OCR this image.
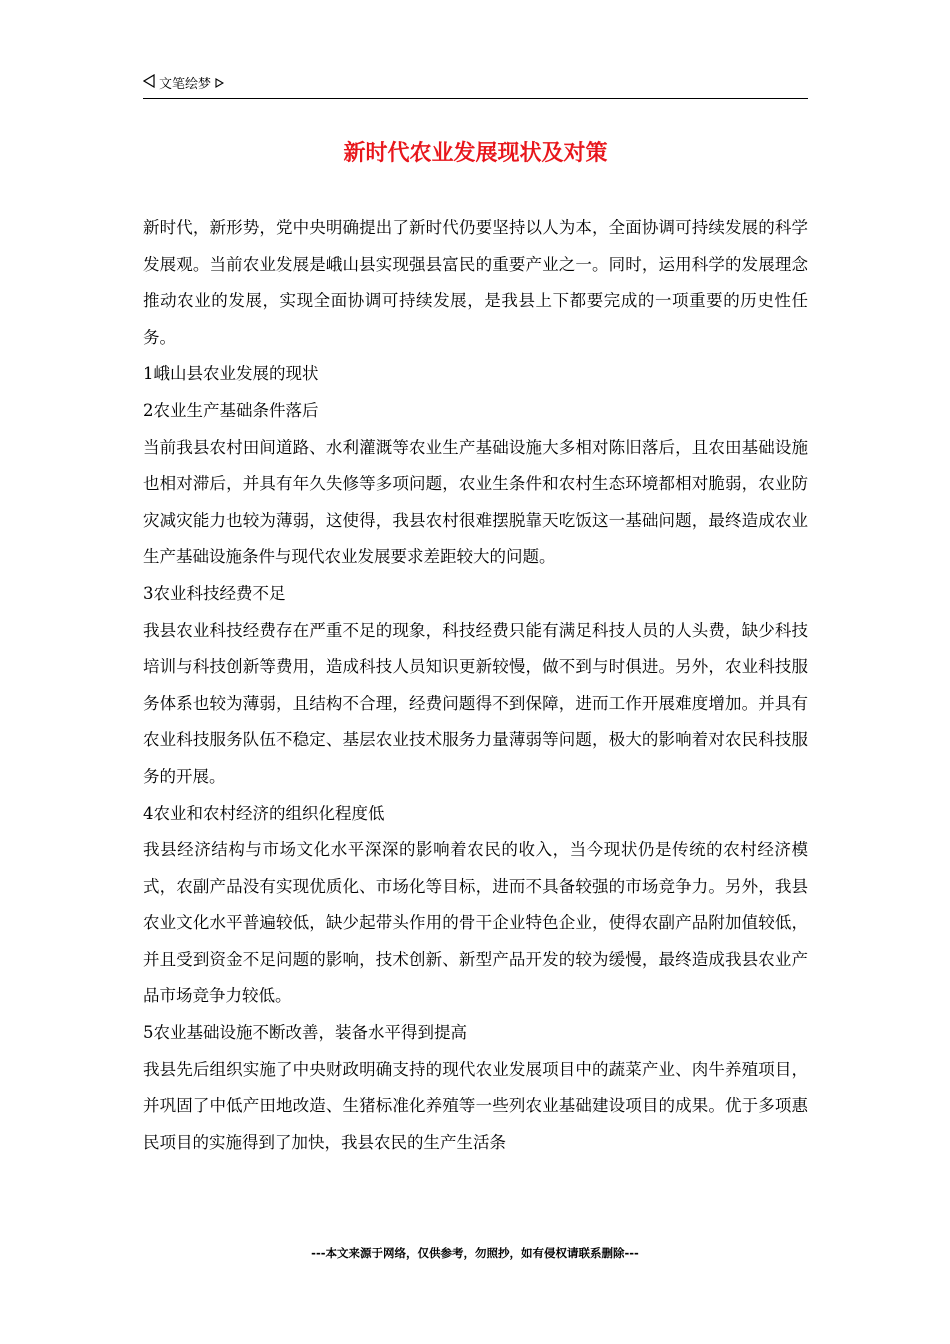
文笔绘梦
新时代农业发展现状及对策

新时代，新形势，党中央明确提出了新时代仍要坚持以人为本，全面协调可持续发展的科学发展观。当前农业发展是峨山县实现强县富民的重要产业之一。同时，运用科学的发展理念推动农业的发展，实现全面协调可持续发展，是我县上下都要完成的一项重要的历史性任务。

1峨山县农业发展的现状

2农业生产基础条件落后

当前我县农村田间道路、水利灌溉等农业生产基础设施大多相对陈旧落后，且农田基础设施也相对滞后，并具有年久失修等多项问题，农业生条件和农村生态环境都相对脆弱，农业防灾减灾能力也较为薄弱，这使得，我县农村很难摆脱靠天吃饭这一基础问题，最终造成农业生产基础设施条件与现代农业发展要求差距较大的问题。

3农业科技经费不足

我县农业科技经费存在严重不足的现象，科技经费只能有满足科技人员的人头费，缺少科技培训与科技创新等费用，造成科技人员知识更新较慢，做不到与时俱进。另外，农业科技服务体系也较为薄弱，且结构不合理，经费问题得不到保障，进而工作开展难度增加。并具有农业科技服务队伍不稳定、基层农业技术服务力量薄弱等问题，极大的影响着对农民科技服务的开展。

4农业和农村经济的组织化程度低

我县经济结构与市场文化水平深深的影响着农民的收入，当今现状仍是传统的农村经济模式，农副产品没有实现优质化、市场化等目标，进而不具备较强的市场竞争力。另外，我县农业文化水平普遍较低，缺少起带头作用的骨干企业特色企业，使得农副产品附加值较低，并且受到资金不足问题的影响，技术创新、新型产品开发的较为缓慢，最终造成我县农业产品市场竞争力较低。

5农业基础设施不断改善，装备水平得到提高

我县先后组织实施了中央财政明确支持的现代农业发展项目中的蔬菜产业、肉牛养殖项目，并巩固了中低产田地改造、生猪标准化养殖等一些列农业基础建设项目的成果。优于多项惠民项目的实施得到了加快，我县农民的生产生活条

---本文来源于网络，仅供参考，勿照抄，如有侵权请联系删除---
